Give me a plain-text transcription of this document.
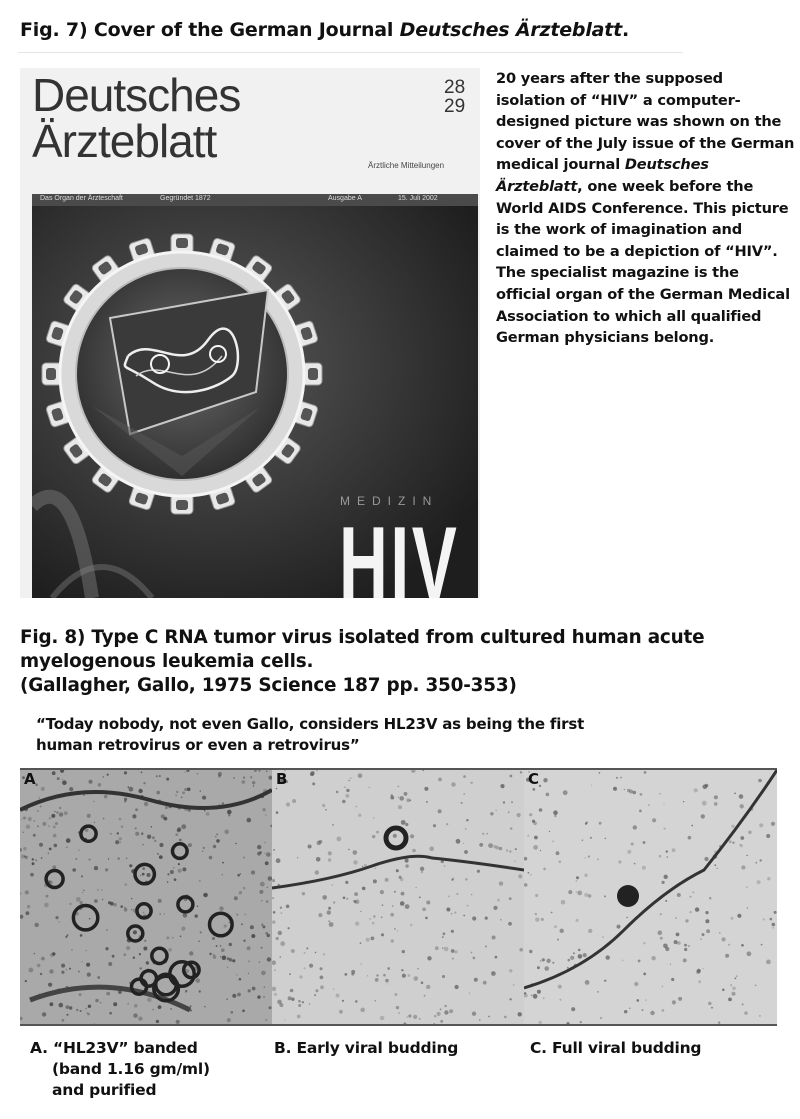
Fig. 7) Cover of the German Journal Deutsches Ärzteblatt.
Deutsches
Ärzteblatt
28
29
Ärztliche Mitteilungen
Das Organ der Ärzteschaft	Gegründet 1872	Ausgabe A	15. Juli 2002
MEDIZIN
HIV
20 years after the supposed isolation of “HIV” a computer-designed picture was shown on the cover of the July issue of the German medical journal Deutsches Ärzteblatt, one week before the World AIDS Conference. This picture is the work of imagination and claimed to be a depiction of “HIV”. The specialist magazine is the official organ of the German Medical Association to which all qualified German physicians belong.
Fig. 8) Type C RNA tumor virus isolated from cultured human acute
myelogenous leukemia cells.
(Gallagher, Gallo, 1975 Science 187 pp. 350-353)
“Today nobody, not even Gallo, considers HL23V as being the first
human retrovirus or even a retrovirus”
A	B	C
A. “HL23V” banded
(band 1.16 gm/ml)
and purified
B. Early viral budding	C. Full viral budding
